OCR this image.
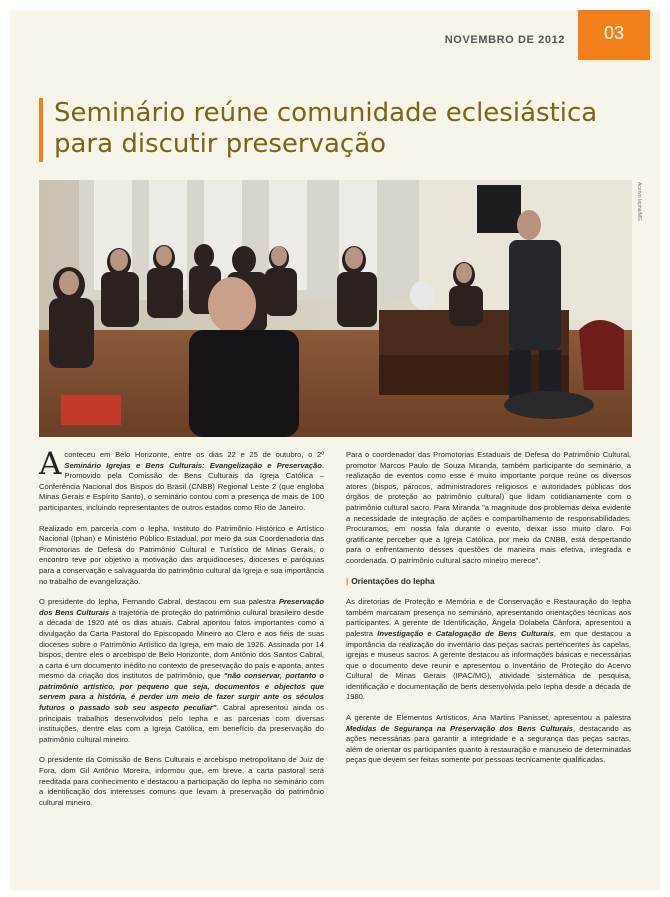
NOVEMBRO DE 2012	03
Seminário reúne comunidade eclesiástica para discutir preservação
Acervo Iepha/MG

Aconteceu em Belo Horizonte, entre os dias 22 e 25 de outubro, o 2º Seminário Igrejas e Bens Culturais: Evangelização e Preservação. Promovido pela Comissão de Bens Culturais da Igreja Católica – Conferência Nacional dos Bispos do Brasil (CNBB) Regional Leste 2 (que engloba Minas Gerais e Espírito Santo), o seminário contou com a presença de mais de 100 participantes, incluindo representantes de outros estados como Rio de Janeiro.

Realizado em parceria com o Iepha, Instituto do Patrimônio Histórico e Artístico Nacional (Iphan) e Ministério Público Estadual, por meio da sua Coordenadoria das Promotorias de Defesa do Patrimônio Cultural e Turístico de Minas Gerais, o encontro teve por objetivo a motivação das arquidioceses, dioceses e paróquias para a conservação e salvaguarda do patrimônio cultural da Igreja e sua importância no trabalho de evangelização.

O presidente do Iepha, Fernando Cabral, destacou em sua palestra Preservação dos Bens Culturais a trajetória de proteção do patrimônio cultural brasileiro desde a década de 1920 até os dias atuais. Cabral apontou fatos importantes como a divulgação da Carta Pastoral do Episcopado Mineiro ao Clero e aos fiéis de suas dioceses sobre o Patrimônio Artístico da Igreja, em maio de 1926. Assinada por 14 bispos, dentre eles o arcebispo de Belo Horizonte, dom Antônio dos Santos Cabral, a carta é um documento inédito no contexto de preservação do país e aponta, antes mesmo da criação dos institutos de patrimônio, que "não conservar, portanto o patrimônio artístico, por pequeno que seja, documentos e objectos que servem para a história, é perder um meio de fazer surgir ante os séculos futuros o passado sob seu aspecto peculiar". Cabral apresentou ainda os principais trabalhos desenvolvidos pelo Iepha e as parcerias com diversas instituições, dentre elas com a Igreja Católica, em benefício da preservação do patrimônio cultural mineiro.

O presidente da Comissão de Bens Culturais e arcebispo metropolitano de Juiz de Fora, dom Gil Antônio Moreira, informou que, em breve, a carta pastoral será reeditada para conhecimento e destacou a participação do Iepha no seminário com a identificação dos interesses comuns que levam à preservação do patrimônio cultural mineiro.

Para o coordenador das Promotorias Estaduais de Defesa do Patrimônio Cultural, promotor Marcos Paulo de Souza Miranda, também participante do seminário, a realização de eventos como esse é muito importante porque reúne os diversos atores (bispos, párocos, administradores religiosos e autoridades públicas dos órgãos de proteção ao patrimônio cultural) que lidam cotidianamente com o patrimônio cultural sacro. Para Miranda "a magnitude dos problemas deixa evidente a necessidade de integração de ações e compartilhamento de responsabilidades. Procuramos, em nossa fala durante o evento, deixar isso muito claro. Foi gratificante perceber que a Igreja Católica, por meio da CNBB, está despertando para o enfrentamento desses questões de maneira mais efetiva, integrada e coordenada. O patrimônio cultural sacro mineiro merece".

| Orientações do Iepha

As diretorias de Proteção e Memória e de Conservação e Restauração do Iepha também marcaram presença no seminário, apresentando orientações técnicas aos participantes. A gerente de Identificação, Ângela Dolabela Cânfora, apresentou a palestra Investigação e Catalogação de Bens Culturais, em que destacou a importância da realização do inventário das peças sacras pertencentes às capelas, igrejas e museus sacros. A gerente destacou as informações básicas e necessárias que o documento deve reunir e apresentou o Inventário de Proteção do Acervo Cultural de Minas Gerais (IPAC/MG), atividade sistemática de pesquisa, identificação e documentação de bens desenvolvida pelo Iepha desde a década de 1980.

A gerente de Elementos Artísticos, Ana Martins Panisset, apresentou a palestra Medidas de Segurança na Preservação dos Bens Culturais, destacando as ações necessárias para garantir a integridade e a segurança das peças sacras, além de orientar os participantes quanto à restauração e manuseio de determinadas peças que devem ser feitas somente por pessoas tecnicamente qualificadas.
